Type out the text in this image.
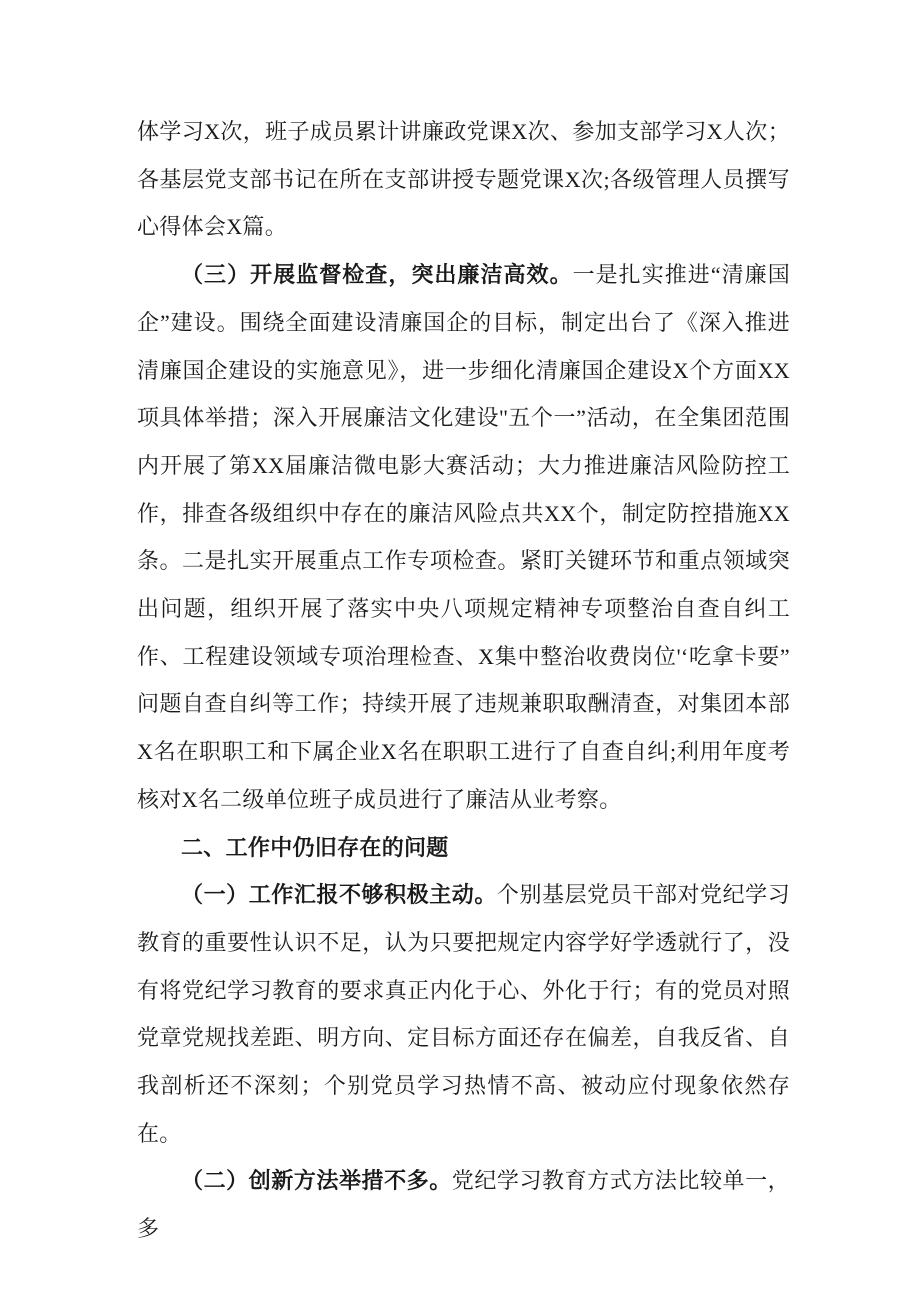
体学习X次，班子成员累计讲廉政党课X次、参加支部学习X人次；各基层党支部书记在所在支部讲授专题党课X次;各级管理人员撰写心得体会X篇。

（三）开展监督检查，突出廉洁高效。一是扎实推进“清廉国企”建设。围绕全面建设清廉国企的目标，制定出台了《深入推进清廉国企建设的实施意见》，进一步细化清廉国企建设X个方面XX项具体举措；深入开展廉洁文化建设''五个一”活动，在全集团范围内开展了第XX届廉洁微电影大赛活动；大力推进廉洁风险防控工作，排查各级组织中存在的廉洁风险点共XX个，制定防控措施XX条。二是扎实开展重点工作专项检查。紧盯关键环节和重点领域突出问题，组织开展了落实中央八项规定精神专项整治自查自纠工作、工程建设领域专项治理检查、X集中整治收费岗位'‘吃拿卡要”问题自查自纠等工作；持续开展了违规兼职取酬清查，对集团本部X名在职职工和下属企业X名在职职工进行了自查自纠;利用年度考核对X名二级单位班子成员进行了廉洁从业考察。

二、工作中仍旧存在的问题

（一）工作汇报不够积极主动。个别基层党员干部对党纪学习教育的重要性认识不足，认为只要把规定内容学好学透就行了，没有将党纪学习教育的要求真正内化于心、外化于行；有的党员对照党章党规找差距、明方向、定目标方面还存在偏差，自我反省、自我剖析还不深刻；个别党员学习热情不高、被动应付现象依然存在。

（二）创新方法举措不多。党纪学习教育方式方法比较单一，多
